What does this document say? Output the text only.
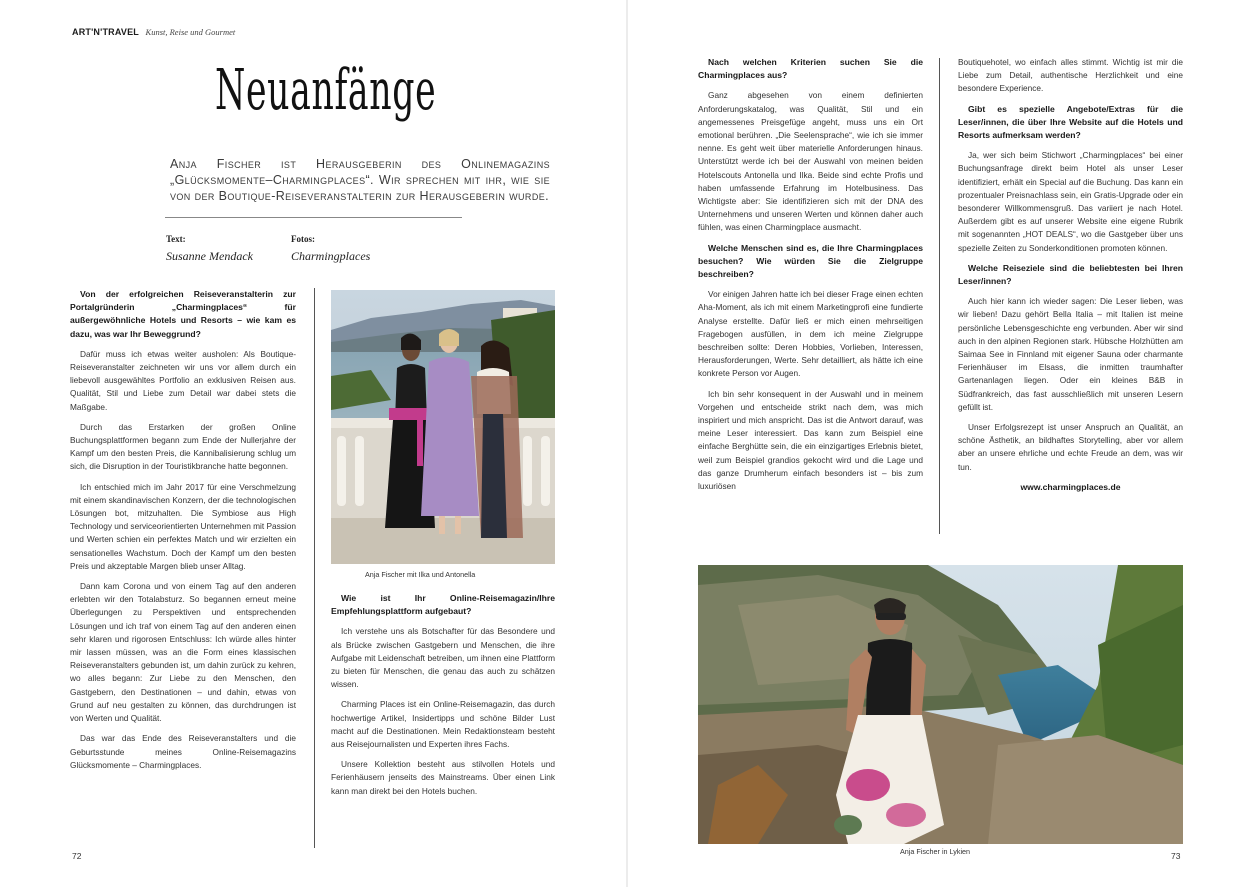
ART'N'TRAVEL Kunst, Reise und Gourmet
Neuanfänge
Anja Fischer ist Herausgeberin des Onlinemagazins „Glücksmomente–Charmingplaces“. Wir sprechen mit ihr, wie sie von der Boutique-Reiseveranstalterin zur Herausgeberin wurde.
Text:
Susanne Mendack
Fotos:
Charmingplaces
Von der erfolgreichen Reiseveranstalterin zur Portalgründerin „Charmingplaces“ für außergewöhnliche Hotels und Resorts – wie kam es dazu, was war Ihr Beweggrund?

Dafür muss ich etwas weiter ausholen: Als Boutique-Reiseveranstalter zeichneten wir uns vor allem durch ein liebevoll ausgewähltes Portfolio an exklusiven Reisen aus. Qualität, Stil und Liebe zum Detail war dabei stets die Maßgabe.

Durch das Erstarken der großen Online Buchungsplattformen begann zum Ende der Nullerjahre der Kampf um den besten Preis, die Kannibalisierung schlug um sich, die Disruption in der Touristikbranche hatte begonnen.

Ich entschied mich im Jahr 2017 für eine Verschmelzung mit einem skandinavischen Konzern, der die technologischen Lösungen bot, mitzuhalten. Die Symbiose aus High Technology und serviceorientierten Unternehmen mit Passion und Werten schien ein perfektes Match und wir erzielten ein sensationelles Wachstum. Doch der Kampf um den besten Preis und akzeptable Margen blieb unser Alltag.

Dann kam Corona und von einem Tag auf den anderen erlebten wir den Totalabsturz. So begannen erneut meine Überlegungen zu Perspektiven und entsprechenden Lösungen und ich traf von einem Tag auf den anderen einen sehr klaren und rigorosen Entschluss: Ich würde alles hinter mir lassen müssen, was an die Form eines klassischen Reiseveranstalters gebunden ist, um dahin zurück zu kehren, wo alles begann: Zur Liebe zu den Menschen, den Gastgebern, den Destinationen – und dahin, etwas von Grund auf neu gestalten zu können, das durchdrungen ist von Werten und Qualität.

Das war das Ende des Reiseveranstalters und die Geburtsstunde meines Online-Reisemagazins Glücksmomente – Charmingplaces.

Anja Fischer mit Ilka und Antonella
Wie ist Ihr Online-Reisemagazin/Ihre Empfehlungsplattform aufgebaut?

Ich verstehe uns als Botschafter für das Besondere und als Brücke zwischen Gastgebern und Menschen, die ihre Aufgabe mit Leidenschaft betreiben, um ihnen eine Plattform zu bieten für Menschen, die genau das auch zu schätzen wissen.

Charming Places ist ein Online-Reisemagazin, das durch hochwertige Artikel, Insidertipps und schöne Bilder Lust macht auf die Destinationen. Mein Redaktionsteam besteht aus Reisejournalisten und Experten ihres Fachs.

Unsere Kollektion besteht aus stilvollen Hotels und Ferienhäusern jenseits des Mainstreams. Über einen Link kann man direkt bei den Hotels buchen.

72
Nach welchen Kriterien suchen Sie die Charmingplaces aus?

Ganz abgesehen von einem definierten Anforderungskatalog, was Qualität, Stil und ein angemessenes Preisgefüge angeht, muss uns ein Ort emotional berühren. „Die Seelensprache“, wie ich sie immer nenne. Es geht weit über materielle Anforderungen hinaus. Unterstützt werde ich bei der Auswahl von meinen beiden Hotelscouts Antonella und Ilka. Beide sind echte Profis und haben umfassende Erfahrung im Hotelbusiness. Das Wichtigste aber: Sie identifizieren sich mit der DNA des Unternehmens und unseren Werten und können daher auch fühlen, was einen Charmingplace ausmacht.

Welche Menschen sind es, die Ihre Charmingplaces besuchen? Wie würden Sie die Zielgruppe beschreiben?

Vor einigen Jahren hatte ich bei dieser Frage einen echten Aha-Moment, als ich mit einem Marketingprofi eine fundierte Analyse erstellte. Dafür ließ er mich einen mehrseitigen Fragebogen ausfüllen, in dem ich meine Zielgruppe beschreiben sollte: Deren Hobbies, Vorlieben, Interessen, Herausforderungen, Werte. Sehr detailliert, als hätte ich eine konkrete Person vor Augen.

Ich bin sehr konsequent in der Auswahl und in meinem Vorgehen und entscheide strikt nach dem, was mich inspiriert und mich anspricht. Das ist die Antwort darauf, was meine Leser interessiert. Das kann zum Beispiel eine einfache Berghütte sein, die ein einzigartiges Erlebnis bietet, weil zum Beispiel grandios gekocht wird und die Lage und das ganze Drumherum einfach besonders ist – bis zum luxuriösen

Boutiquehotel, wo einfach alles stimmt. Wichtig ist mir die Liebe zum Detail, authentische Herzlichkeit und eine besondere Experience.

Gibt es spezielle Angebote/Extras für die Leser/innen, die über Ihre Website auf die Hotels und Resorts aufmerksam werden?

Ja, wer sich beim Stichwort „Charmingplaces“ bei einer Buchungsanfrage direkt beim Hotel als unser Leser identifiziert, erhält ein Special auf die Buchung. Das kann ein prozentualer Preisnachlass sein, ein Gratis-Upgrade oder ein besonderer Willkommensgruß. Das variiert je nach Hotel. Außerdem gibt es auf unserer Website eine eigene Rubrik mit sogenannten „HOT DEALS“, wo die Gastgeber über uns spezielle Zeiten zu Sonderkonditionen promoten können.

Welche Reiseziele sind die beliebtesten bei Ihren Leser/innen?

Auch hier kann ich wieder sagen: Die Leser lieben, was wir lieben! Dazu gehört Bella Italia – mit Italien ist meine persönliche Lebensgeschichte eng verbunden. Aber wir sind auch in den alpinen Regionen stark. Hübsche Holzhütten am Saimaa See in Finnland mit eigener Sauna oder charmante Ferienhäuser im Elsass, die inmitten traumhafter Gartenanlagen liegen. Oder ein kleines B&B in Südfrankreich, das fast ausschließlich mit unseren Lesern gefüllt ist.

Unser Erfolgsrezept ist unser Anspruch an Qualität, an schöne Ästhetik, an bildhaftes Storytelling, aber vor allem aber an unsere ehrliche und echte Freude an dem, was wir tun.

www.charmingplaces.de
Anja Fischer in Lykien	73
